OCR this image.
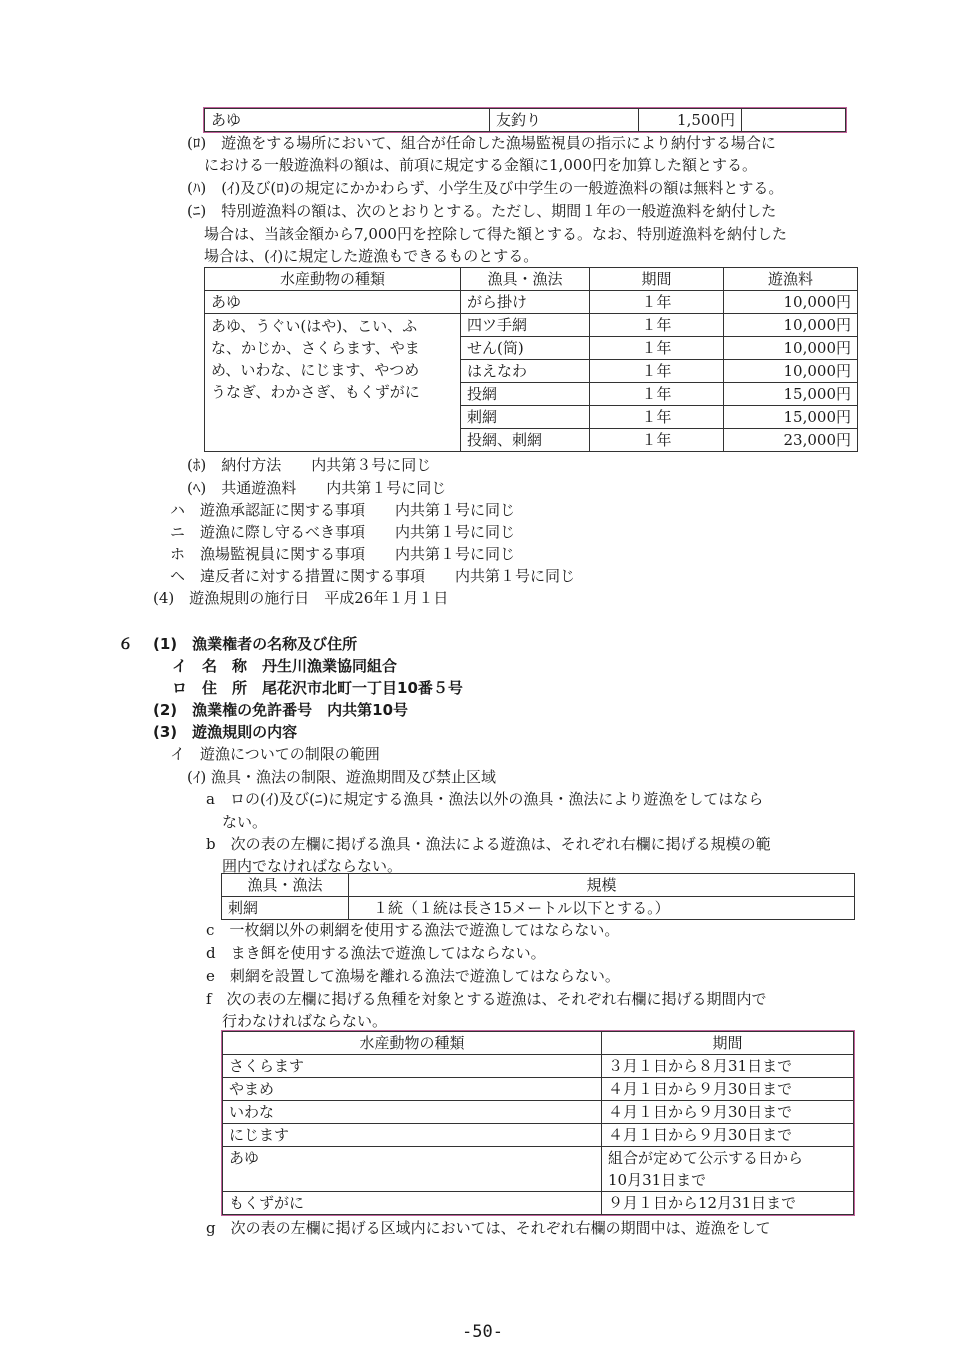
あゆ	友釣り	1,500円	
(ﾛ)　遊漁をする場所において、組合が任命した漁場監視員の指示により納付する場合に
における一般遊漁料の額は、前項に規定する金額に1,000円を加算した額とする。
(ﾊ)　(ｲ)及び(ﾛ)の規定にかかわらず、小学生及び中学生の一般遊漁料の額は無料とする。
(ﾆ)　特別遊漁料の額は、次のとおりとする。ただし、期間１年の一般遊漁料を納付した
場合は、当該金額から7,000円を控除して得た額とする。なお、特別遊漁料を納付した
場合は、(ｲ)に規定した遊漁もできるものとする。
水産動物の種類	漁具・漁法	期間	遊漁料
あゆ	がら掛け	１年	10,000円

あゆ、うぐい(はや)、こい、ふ
な、かじか、さくらます、やま
め、いわな、にじます、やつめ
うなぎ、わかさぎ、もくずがに	四ツ手網	１年	10,000円
	せん(筒)	１年	10,000円
	はえなわ	１年	10,000円
	投網	１年	15,000円
	刺網	１年	15,000円
	投網、刺網	１年	23,000円
(ﾎ)　納付方法　　内共第３号に同じ
(ﾍ)　共通遊漁料　　内共第１号に同じ
ハ　遊漁承認証に関する事項　　内共第１号に同じ
ニ　遊漁に際し守るべき事項　　内共第１号に同じ
ホ　漁場監視員に関する事項　　内共第１号に同じ
ヘ　違反者に対する措置に関する事項　　内共第１号に同じ
(4)　遊漁規則の施行日　平成26年１月１日
６ (1)　漁業権者の名称及び住所
イ　名　称　丹生川漁業協同組合
ロ　住　所　尾花沢市北町一丁目10番５号
(2)　漁業権の免許番号　内共第10号
(3)　遊漁規則の内容
イ　遊漁についての制限の範囲
(ｲ) 漁具・漁法の制限、遊漁期間及び禁止区域
a　ロの(ｲ)及び(ﾆ)に規定する漁具・漁法以外の漁具・漁法により遊漁をしてはなら
ない。
b　次の表の左欄に掲げる漁具・漁法による遊漁は、それぞれ右欄に掲げる規模の範
囲内でなければならない。
漁具・漁法	規模
刺網	１統（１統は長さ15メートル以下とする。）
c　一枚網以外の刺網を使用する漁法で遊漁してはならない。
d　まき餌を使用する漁法で遊漁してはならない。
e　刺網を設置して漁場を離れる漁法で遊漁してはならない。
f　次の表の左欄に掲げる魚種を対象とする遊漁は、それぞれ右欄に掲げる期間内で
行わなければならない。
水産動物の種類	期間
さくらます	３月１日から８月31日まで
やまめ	４月１日から９月30日まで
いわな	４月１日から９月30日まで
にじます	４月１日から９月30日まで
あゆ	組合が定めて公示する日から
10月31日まで

もくずがに	９月１日から12月31日まで
g　次の表の左欄に掲げる区域内においては、それぞれ右欄の期間中は、遊漁をして
-50-
